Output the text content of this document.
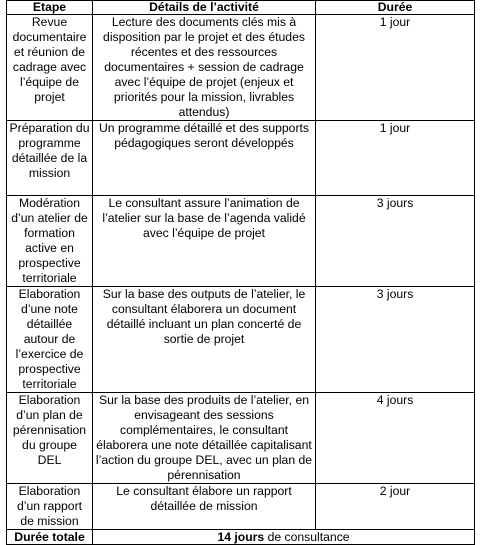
Etape	Détails de l’activité	Durée
Revue documentaire et réunion de cadrage avec l’équipe de projet	Lecture des documents clés mis à disposition par le projet et des études récentes et des ressources documentaires + session de cadrage avec l’équipe de projet (enjeux et priorités pour la mission, livrables attendus)	1 jour
Préparation du programme détaillée de la mission	Un programme détaillé et des supports pédagogiques seront développés	1 jour
Modération d’un atelier de formation active en prospective territoriale	Le consultant assure l’animation de l’atelier sur la base de l’agenda validé avec l’équipe de projet	3 jours
Elaboration d’une note détaillée autour de l’exercice de prospective territoriale	Sur la base des outputs de l’atelier, le consultant élaborera un document détaillé incluant un plan concerté de sortie de projet	3 jours
Elaboration d’un plan de pérennisation du groupe DEL	Sur la base des produits de l’atelier, en envisageant des sessions complémentaires, le consultant élaborera une note détaillée capitalisant l’action du groupe DEL, avec un plan de pérennisation	4 jours
Elaboration d’un rapport de mission	Le consultant élabore un rapport détaillée de mission	2 jour
Durée totale	14 jours de consultance	
